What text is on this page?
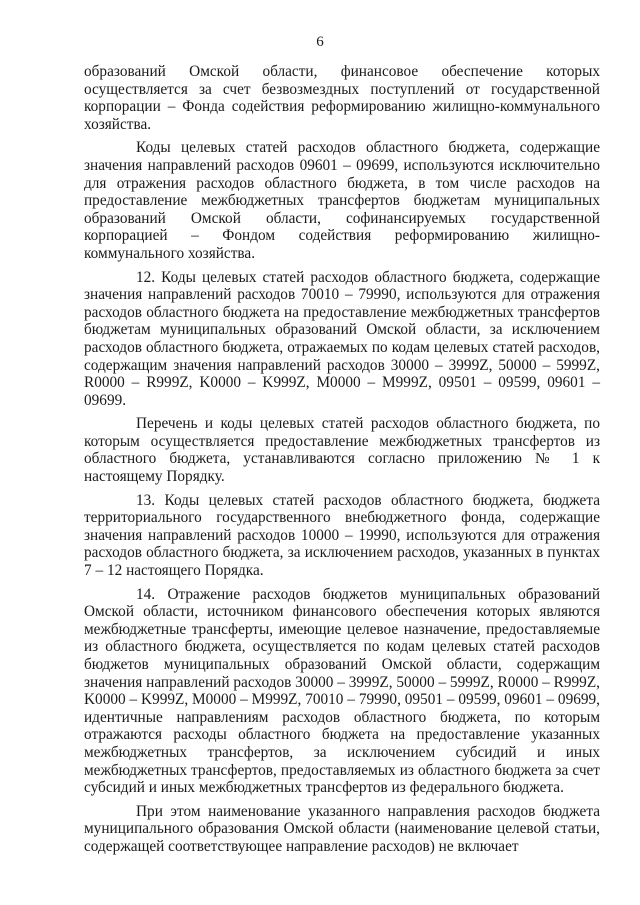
6

образований Омской области, финансовое обеспечение которых осуществляется за счет безвозмездных поступлений от государственной корпорации – Фонда содействия реформированию жилищно-коммунального хозяйства.

Коды целевых статей расходов областного бюджета, содержащие значения направлений расходов 09601 – 09699, используются исключительно для отражения расходов областного бюджета, в том числе расходов на предоставление межбюджетных трансфертов бюджетам муниципальных образований Омской области, софинансируемых государственной корпорацией – Фондом содействия реформированию жилищно-коммунального хозяйства.

12. Коды целевых статей расходов областного бюджета, содержащие значения направлений расходов 70010 – 79990, используются для отражения расходов областного бюджета на предоставление межбюджетных трансфертов бюджетам муниципальных образований Омской области, за исключением расходов областного бюджета, отражаемых по кодам целевых статей расходов, содержащим значения направлений расходов 30000 – 3999Z, 50000 – 5999Z, R0000 – R999Z, K0000 – K999Z, M0000 – M999Z, 09501 – 09599, 09601 – 09699.

Перечень и коды целевых статей расходов областного бюджета, по которым осуществляется предоставление межбюджетных трансфертов из областного бюджета, устанавливаются согласно приложению № 1 к настоящему Порядку.

13. Коды целевых статей расходов областного бюджета, бюджета территориального государственного внебюджетного фонда, содержащие значения направлений расходов 10000 – 19990, используются для отражения расходов областного бюджета, за исключением расходов, указанных в пунктах 7 – 12 настоящего Порядка.

14. Отражение расходов бюджетов муниципальных образований Омской области, источником финансового обеспечения которых являются межбюджетные трансферты, имеющие целевое назначение, предоставляемые из областного бюджета, осуществляется по кодам целевых статей расходов бюджетов муниципальных образований Омской области, содержащим значения направлений расходов 30000 – 3999Z, 50000 – 5999Z, R0000 – R999Z, K0000 – K999Z, M0000 – M999Z, 70010 – 79990, 09501 – 09599, 09601 – 09699, идентичные направлениям расходов областного бюджета, по которым отражаются расходы областного бюджета на предоставление указанных межбюджетных трансфертов, за исключением субсидий и иных межбюджетных трансфертов, предоставляемых из областного бюджета за счет субсидий и иных межбюджетных трансфертов из федерального бюджета.

При этом наименование указанного направления расходов бюджета муниципального образования Омской области (наименование целевой статьи, содержащей соответствующее направление расходов) не включает
